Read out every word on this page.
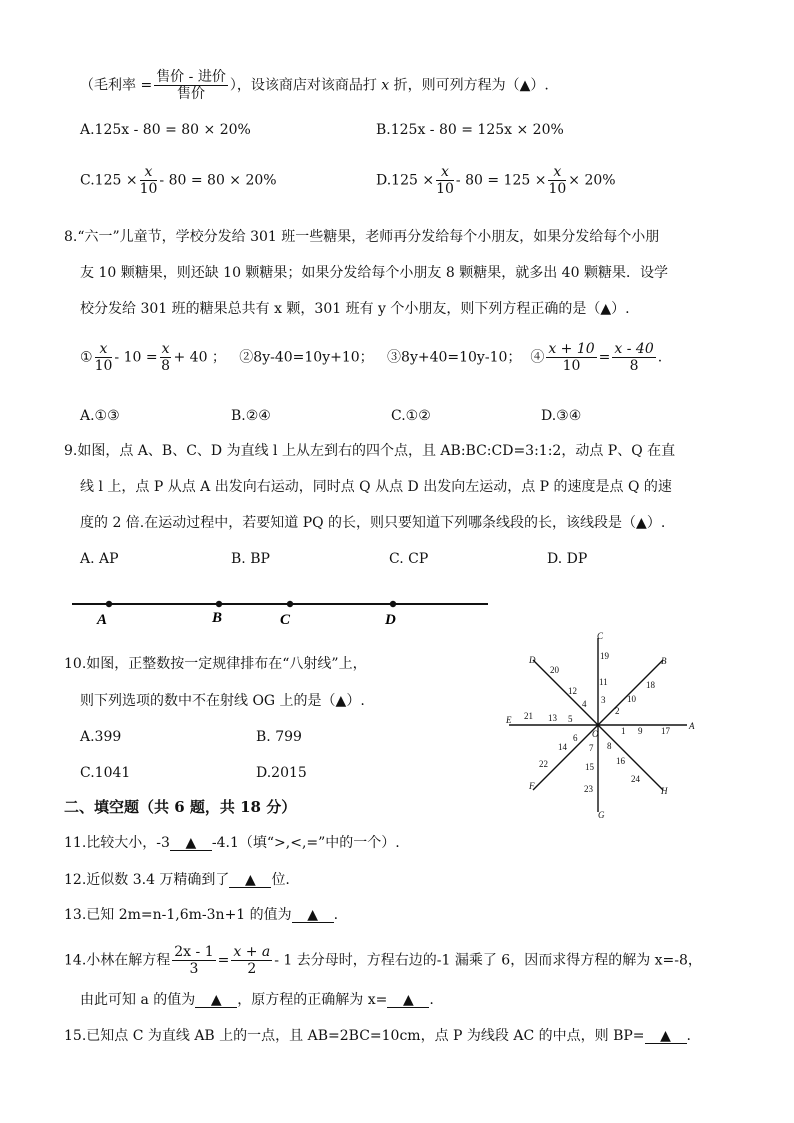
（毛利率 = $\frac{\text{售价 - 进价}}{\text{售价}}$ ），设该商店对该商品打 x 折，则可列方程为（▲）.
A.125x - 80 = 80 × 20%	B.125x - 80 = 125x × 20%
$C.125 \times \frac{x}{10} - 80 = 80 \times 20\%$	$D.125 \times \frac{x}{10} - 80 = 125 \times \frac{x}{10} \times 20\%$
8.“六一”儿童节，学校分发给 301 班一些糖果，老师再分发给每个小朋友，如果分发给每个小朋
友 10 颗糖果，则还缺 10 颗糖果；如果分发给每个小朋友 8 颗糖果，就多出 40 颗糖果．设学
校分发给 301 班的糖果总共有 x 颗，301 班有 y 个小朋友，则下列方程正确的是（▲）.
① $\frac{x}{10} - 10 = \frac{x}{8} + 40$ ； ②8y-40=10y+10； ③8y+40=10y-10； ④ $\frac{x + 10}{10} = \frac{x - 40}{8}$ .
A.①③	B.②④	C.①②	D.③④
9.如图，点 A、B、C、D 为直线 l 上从左到右的四个点，且 AB:BC:CD=3:1:2，动点 P、Q 在直
线 l 上，点 P 从点 A 出发向右运动，同时点 Q 从点 D 出发向左运动，点 P 的速度是点 Q 的速
度的 2 倍.在运动过程中，若要知道 PQ 的长，则只要知道下列哪条线段的长，该线段是（▲）.
A. AP	B. BP	C. CP	D. DP
A	B	C	D
10.如图，正整数按一定规律排布在“八射线”上，
则下列选项的数中不在射线 OG 上的是（▲）.
A.399	B. 799
C.1041	D.2015
A
B
C
D
E
F
G
H
O	1
2
3
4
5
6
7 8
9
10
11
12
13
14
15
16
17
18
19
20
21
22
23
24
二、填空题（共 6 题，共 18 分）
11.比较大小，-3 ▲ -4.1（填“>,<,=”中的一个）.
12.近似数 3.4 万精确到了 ▲ 位.
13.已知 2m=n-1,6m-3n+1 的值为 ▲ .
14.小林在解方程 $\frac{2x - 1}{3} = \frac{x + a}{2} - 1$ 去分母时，方程右边的-1 漏乘了 6，因而求得方程的解为 x=-8，
由此可知 a 的值为 ▲ ，原方程的正确解为 x= ▲ .
15.已知点 C 为直线 AB 上的一点，且 AB=2BC=10cm，点 P 为线段 AC 的中点，则 BP= ▲ .
